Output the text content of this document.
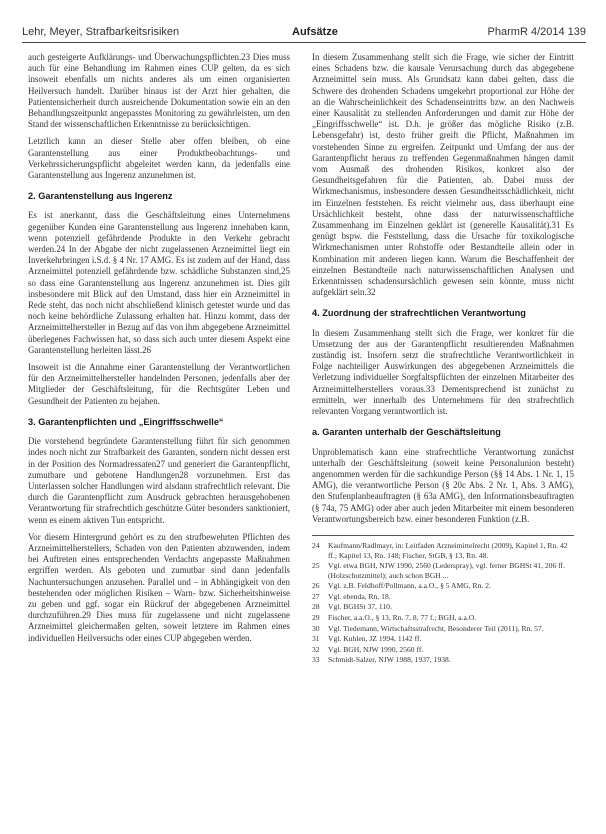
Lehr, Meyer, Strafbarkeitsrisiken	Aufsätze	PharmR 4/2014 139

auch gesteigerte Aufklärungs- und Überwachungspflichten.23 Dies muss auch für eine Behandlung im Rahmen eines CUP gelten, da es sich insoweit ebenfalls um nichts anderes als um einen organisierten Heilversuch handelt. Darüber hinaus ist der Arzt hier gehalten, die Patientensicherheit durch ausreichende Dokumentation sowie ein an den Behandlungszeitpunkt angepasstes Monitoring zu gewährleisten, um den Stand der wissenschaftlichen Erkenntnisse zu berücksichtigen.

Letztlich kann an dieser Stelle aber offen bleiben, ob eine Garantenstellung aus einer Produktbeobachtungs- und Verkehrssicherungspflicht abgeleitet werden kann, da jedenfalls eine Garantenstellung aus Ingerenz anzunehmen ist.

2. Garantenstellung aus Ingerenz

Es ist anerkannt, dass die Geschäftsleitung eines Unternehmens gegenüber Kunden eine Garantenstellung aus Ingerenz innehaben kann, wenn potenziell gefährdende Produkte in den Verkehr gebracht werden.24 In der Abgabe der nicht zugelassenen Arzneimittel liegt ein Inverkehrbringen i.S.d. § 4 Nr. 17 AMG. Es ist zudem auf der Hand, dass Arzneimittel potenziell gefährdende bzw. schädliche Substanzen sind,25 so dass eine Garantenstellung aus Ingerenz anzunehmen ist. Dies gilt insbesondere mit Blick auf den Umstand, dass hier ein Arzneimittel in Rede steht, das noch nicht abschließend klinisch getestet wurde und das noch keine behördliche Zulassung erhalten hat. Hinzu kommt, dass der Arzneimittelhersteller in Bezug auf das von ihm abgegebene Arzneimittel überlegenes Fachwissen hat, so dass sich auch unter diesem Aspekt eine Garantenstellung herleiten lässt.26

Insoweit ist die Annahme einer Garantenstellung der Verantwortlichen für den Arzneimittelhersteller handelnden Personen, jedenfalls aber der Mitglieder der Geschäftsleitung, für die Rechtsgüter Leben und Gesundheit der Patienten zu bejahen.

3. Garantenpflichten und „Eingriffsschwelle“

Die vorstehend begründete Garantenstellung führt für sich genommen indes noch nicht zur Strafbarkeit des Garanten, sondern nicht dessen erst in der Position des Normadressaten27 und generiert die Garantenpflicht, zumutbare und gebotene Handlungen28 vorzunehmen. Erst das Unterlassen solcher Handlungen wird alsdann strafrechtlich relevant. Die durch die Garantenpflicht zum Ausdruck gebrachten herausgehobenen Verantwortung für strafrechtlich geschützte Güter besonders sanktioniert, wenn es einem aktiven Tun entspricht.

Vor diesem Hintergrund gehört es zu den strafbewehrten Pflichten des Arzneimittelherstellers, Schaden von den Patienten abzuwenden, indem bei Auftreten eines entsprechenden Verdachts angepasste Maßnahmen ergriffen werden. Als geboten und zumutbar sind dann jedenfalls Nachuntersuchungen anzusehen. Parallel und – in Abhängigkeit von den bestehenden oder möglichen Risiken – Warn- bzw. Sicherheitshinweise zu geben und ggf. sogar ein Rückruf der abgegebenen Arzneimittel durchzuführen.29 Dies muss für zugelassene und nicht zugelassene Arzneimittel gleichermaßen gelten, soweit letztere im Rahmen eines individuellen Heilversuchs oder eines CUP abgegeben werden.

In diesem Zusammenhang stellt sich die Frage, wie sicher der Eintritt eines Schadens bzw. die kausale Verursachung durch das abgegebene Arzneimittel sein muss. Als Grundsatz kann dabei gelten, dass die Schwere des drohenden Schadens umgekehrt proportional zur Höhe der an die Wahrscheinlichkeit des Schadenseintritts bzw. an den Nachweis einer Kausalität zu stellenden Anforderungen und damit zur Höhe der „Eingriffsschwelle“ ist. D.h. je größer das mögliche Risiko (z.B. Lebensgefahr) ist, desto früher greift die Pflicht, Maßnahmen im vorstehenden Sinne zu ergreifen. Zeitpunkt und Umfang der aus der Garantenpflicht heraus zu treffenden Gegenmaßnahmen hängen damit vom Ausmaß des drohenden Risikos, konkret also der Gesundheitsgefahren für die Patienten, ab. Dabei muss der Wirkmechanismus, insbesondere dessen Gesundheitsschädlichkeit, nicht im Einzelnen feststehen. Es reicht vielmehr aus, dass überhaupt eine Ursächlichkeit besteht, ohne dass der naturwissenschaftliche Zusammenhang im Einzelnen geklärt ist (generelle Kausalität).31 Es genügt bspw. die Feststellung, dass die Ursache für toxikologische Wirkmechanismen unter Rohstoffe oder Bestandteile allein oder in Kombination mit anderen liegen kann. Warum die Beschaffenheit der einzelnen Bestandteile nach naturwissenschaftlichen Analysen und Erkenntnissen schadensursächlich gewesen sein könnte, muss nicht aufgeklärt sein.32

4. Zuordnung der strafrechtlichen Verantwortung

In diesem Zusammenhang stellt sich die Frage, wer konkret für die Umsetzung der aus der Garantenpflicht resultierenden Maßnahmen zuständig ist. Insofern setzt die strafrechtliche Verantwortlichkeit in Folge nachteiliger Auswirkungen des abgegebenen Arzneimittels die Verletzung individueller Sorgfaltspflichten der einzelnen Mitarbeiter des Arzneimittelherstellers voraus.33 Dementsprechend ist zunächst zu ermitteln, wer innerhalb des Unternehmens für den strafrechtlich relevanten Vorgang verantwortlich ist.

a. Garanten unterhalb der Geschäftsleitung

Unproblematisch kann eine strafrechtliche Verantwortung zunächst unterhalb der Geschäftsleitung (soweit keine Personalunion besteht) angenommen werden für die sachkundige Person (§§ 14 Abs. 1 Nr. 1, 15 AMG), die verantwortliche Person (§ 20c Abs. 2 Nr. 1, Abs. 3 AMG), den Stufenplanbeauftragten (§ 63a AMG), den Informationsbeauftragten (§ 74a, 75 AMG) oder aber auch jeden Mitarbeiter mit einem besonderen Verantwortungsbereich bzw. einer besonderen Funktion (z.B.

24	Kaufmann/Radlmayr, in: Leitfaden Arzneimittelrecht (2009), Kapitel 1, Rn. 42 ff.; Kapitel 13, Rn. 148; Fischer, StGB, § 13, Rn. 48.
25	Vgl. etwa BGH, NJW 1990, 2560 (Lederspray), vgl. ferner BGHSt 41, 206 ff. (Holzschutzmittel); auch schon BGH ...
26	Vgl. z.B. Feldhoff/Pollmann, a.a.O., § 5 AMG, Rn. 2.
27	Vgl. ebenda, Rn. 18.
28	Vgl. BGHSt 37, 110.
29	Fischer, a.a.O., § 13, Rn. 7, 8, 77 f.; BGH, a.a.O.
30	Vgl. Tiedemann, Wirtschaftsstrafrecht, Besonderer Teil (2011), Rn. 57.
31	Vgl. Kuhlen, JZ 1994, 1142 ff.
32	Vgl. BGH, NJW 1990, 2560 ff.
33	Schmidt-Salzer, NJW 1988, 1937, 1938.
